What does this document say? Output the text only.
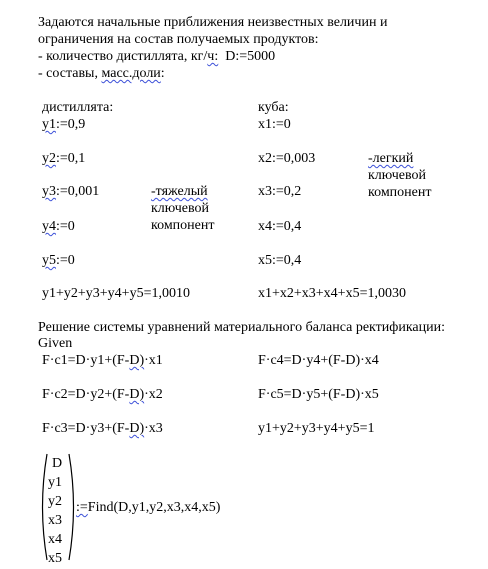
Задаются начальные приближения неизвестных величин и
ограничения на состав получаемых продуктов:
- количество дистиллята, кг/ч:  D:=5000
- составы, масс.доли:
дистиллята:	куба:
y1:=0,9
y2:=0,1
y3:=0,001
y4:=0
y5:=0
y1+y2+y3+y4+y5=1,0010
-тяжелый
ключевой
компонент
x1:=0
x2:=0,003
x3:=0,2
x4:=0,4
x5:=0,4
x1+x2+x3+x4+x5=1,0030
-легкий
ключевой
компонент
Решение системы уравнений материального баланса ректификации:
Given
F·c1=D·y1+(F-D)·x1
F·c2=D·y2+(F-D)·x2
F·c3=D·y3+(F-D)·x3
F·c4=D·y4+(F-D)·x4
F·c5=D·y5+(F-D)·x5
y1+y2+y3+y4+y5=1
D
y1
y2
x3
x4
x5
:=Find(D,y1,y2,x3,x4,x5)
